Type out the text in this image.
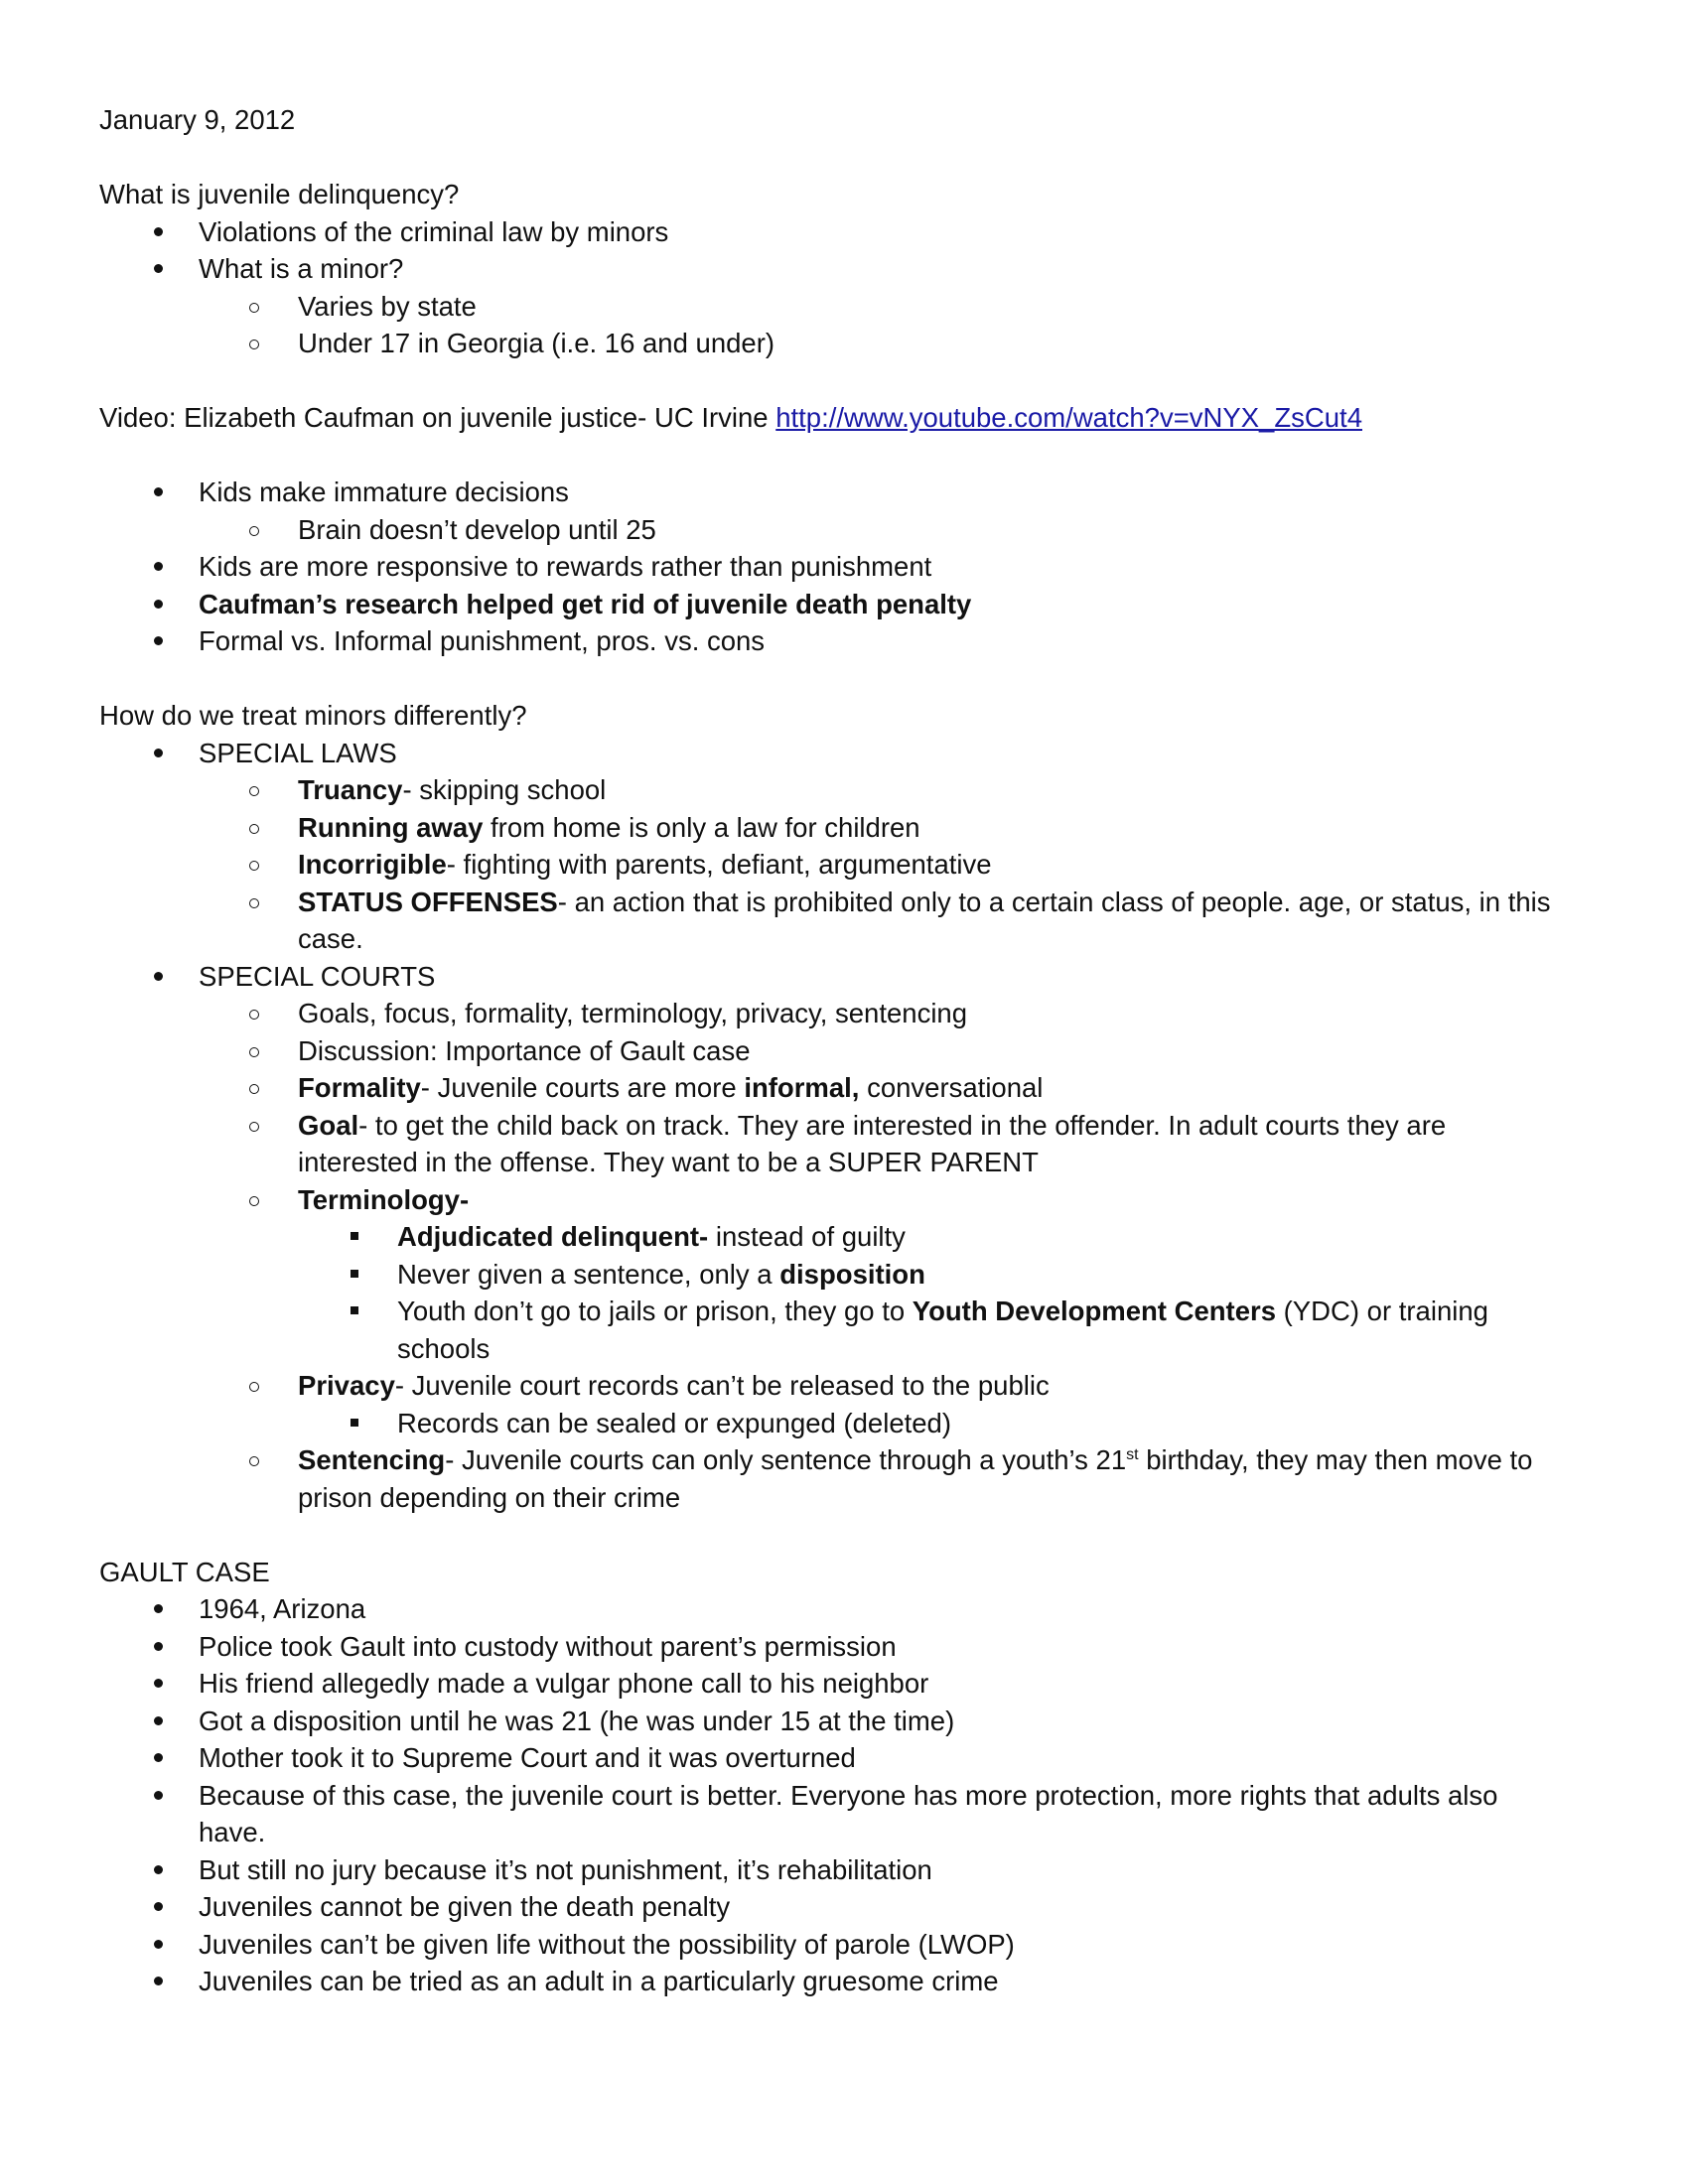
January 9, 2012

What is juvenile delinquency?

Violations of the criminal law by minors
What is a minor?
Varies by state
Under 17 in Georgia (i.e. 16 and under)

Video: Elizabeth Caufman on juvenile justice- UC Irvine http://www.youtube.com/watch?v=vNYX_ZsCut4

Kids make immature decisions
Brain doesn’t develop until 25
Kids are more responsive to rewards rather than punishment
Caufman’s research helped get rid of juvenile death penalty
Formal vs. Informal punishment, pros. vs. cons

How do we treat minors differently?

SPECIAL LAWS
Truancy- skipping school
Running away from home is only a law for children
Incorrigible- fighting with parents, defiant, argumentative
STATUS OFFENSES- an action that is prohibited only to a certain class of people. age, or status, in this case.
SPECIAL COURTS
Goals, focus, formality, terminology, privacy, sentencing
Discussion: Importance of Gault case
Formality- Juvenile courts are more informal, conversational
Goal- to get the child back on track. They are interested in the offender. In adult courts they are interested in the offense. They want to be a SUPER PARENT
Terminology-
Adjudicated delinquent- instead of guilty
Never given a sentence, only a disposition
Youth don’t go to jails or prison, they go to Youth Development Centers (YDC) or training schools
Privacy- Juvenile court records can’t be released to the public
Records can be sealed or expunged (deleted)
Sentencing- Juvenile courts can only sentence through a youth’s 21st birthday, they may then move to prison depending on their crime

GAULT CASE

1964, Arizona
Police took Gault into custody without parent’s permission
His friend allegedly made a vulgar phone call to his neighbor
Got a disposition until he was 21 (he was under 15 at the time)
Mother took it to Supreme Court and it was overturned
Because of this case, the juvenile court is better. Everyone has more protection, more rights that adults also have.
But still no jury because it’s not punishment, it’s rehabilitation
Juveniles cannot be given the death penalty
Juveniles can’t be given life without the possibility of parole (LWOP)
Juveniles can be tried as an adult in a particularly gruesome crime
